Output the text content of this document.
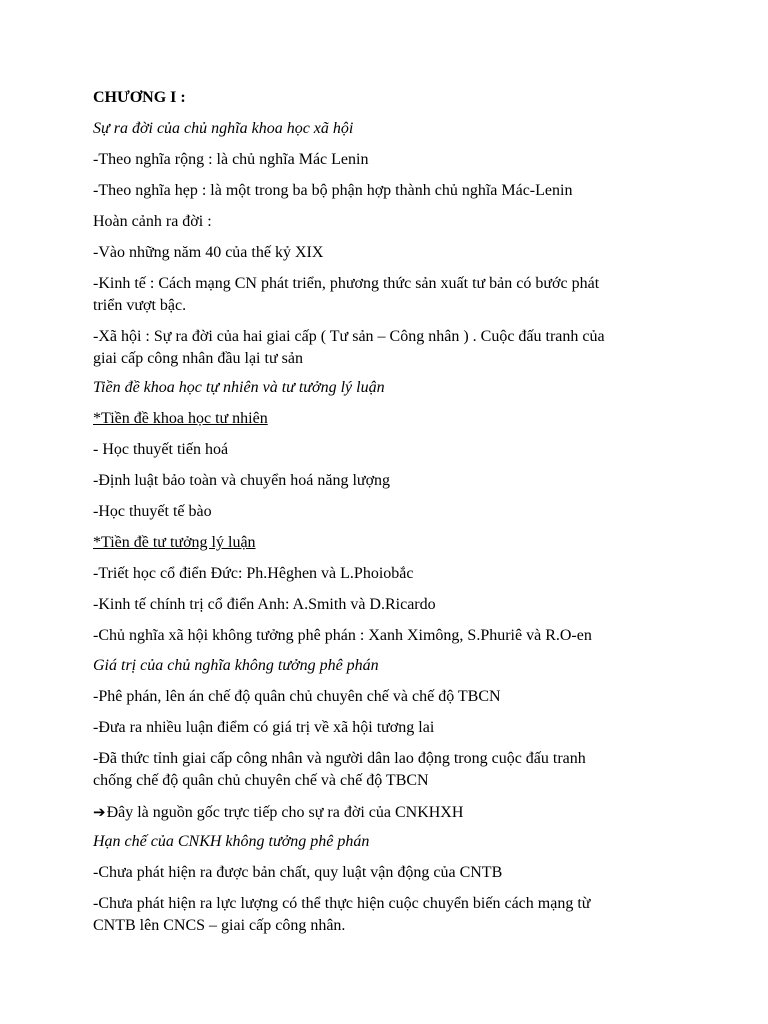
CHƯƠNG I :
Sự ra đời của chủ nghĩa khoa học xã hội
-Theo nghĩa rộng : là chủ nghĩa Mác Lenin
-Theo nghĩa hẹp : là một trong ba bộ phận hợp thành chủ nghĩa Mác-Lenin
Hoàn cảnh ra đời :
-Vào những năm 40 của thế kỷ XIX
-Kinh tế : Cách mạng CN phát triển, phương thức sản xuất tư bản có bước phát
triển vượt bậc.
-Xã hội : Sự ra đời của hai giai cấp ( Tư sản – Công nhân ) . Cuộc đấu tranh của
giai cấp công nhân đầu lại tư sản
Tiền đề khoa học tự nhiên và tư tưởng lý luận
*Tiền đề khoa học tư nhiên
- Học thuyết tiến hoá
-Định luật bảo toàn và chuyển hoá năng lượng
-Học thuyết tế bào
*Tiền đề tư tưởng lý luận
-Triết học cổ điển Đức: Ph.Hêghen và L.Phoiobắc
-Kinh tế chính trị cổ điển Anh: A.Smith và D.Ricardo
-Chủ nghĩa xã hội không tưởng phê phán : Xanh Ximông, S.Phuriê và R.O-en
Giá trị của chủ nghĩa không tưởng phê phán
-Phê phán, lên án chế độ quân chủ chuyên chế và chế độ TBCN
-Đưa ra nhiều luận điểm có giá trị về xã hội tương lai
-Đã thức tỉnh giai cấp công nhân và người dân lao động trong cuộc đấu tranh
chống chế độ quân chủ chuyên chế và chế độ TBCN
➔Đây là nguồn gốc trực tiếp cho sự ra đời của CNKHXH
Hạn chế của CNKH không tưởng phê phán
-Chưa phát hiện ra được bản chất, quy luật vận động của CNTB
-Chưa phát hiện ra lực lượng có thể thực hiện cuộc chuyển biến cách mạng từ
CNTB lên CNCS – giai cấp công nhân.
